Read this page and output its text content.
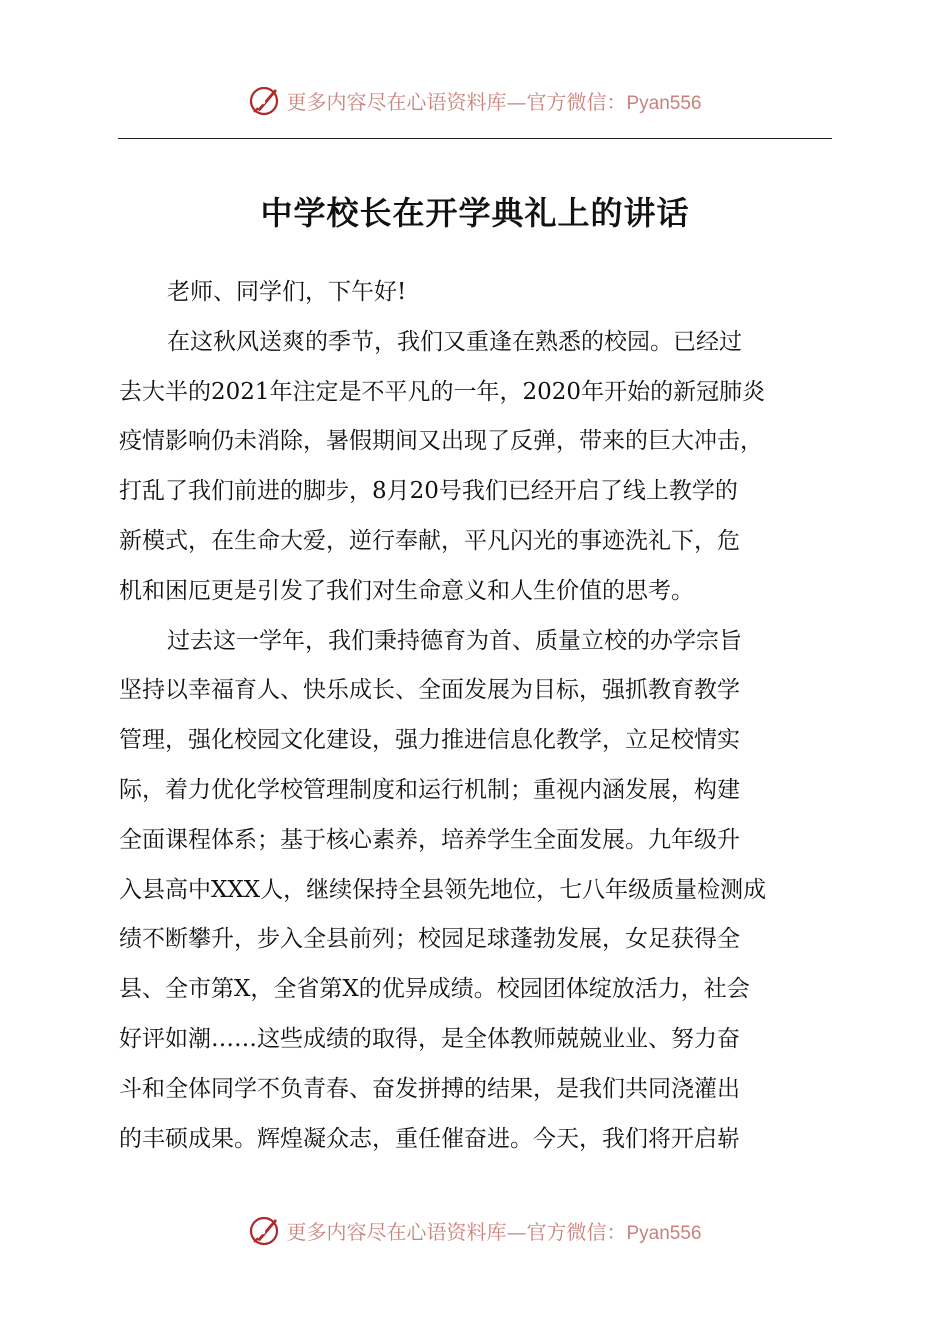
更多内容尽在心语资料库—官方微信：Pyan556
中学校长在开学典礼上的讲话
老师、同学们，下午好!
在这秋风送爽的季节，我们又重逢在熟悉的校园。已经过
去大半的2021年注定是不平凡的一年，2020年开始的新冠肺炎
疫情影响仍未消除，暑假期间又出现了反弹，带来的巨大冲击，
打乱了我们前进的脚步，8月20号我们已经开启了线上教学的
新模式，在生命大爱，逆行奉献，平凡闪光的事迹洗礼下，危
机和困厄更是引发了我们对生命意义和人生价值的思考。
过去这一学年，我们秉持德育为首、质量立校的办学宗旨
坚持以幸福育人、快乐成长、全面发展为目标，强抓教育教学
管理，强化校园文化建设，强力推进信息化教学，立足校情实
际，着力优化学校管理制度和运行机制；重视内涵发展，构建
全面课程体系；基于核心素养，培养学生全面发展。九年级升
入县高中XXX人，继续保持全县领先地位，七八年级质量检测成
绩不断攀升，步入全县前列；校园足球蓬勃发展，女足获得全
县、全市第X，全省第X的优异成绩。校园团体绽放活力，社会
好评如潮……这些成绩的取得，是全体教师兢兢业业、努力奋
斗和全体同学不负青春、奋发拼搏的结果，是我们共同浇灌出
的丰硕成果。辉煌凝众志，重任催奋进。今天，我们将开启崭
更多内容尽在心语资料库—官方微信：Pyan556
